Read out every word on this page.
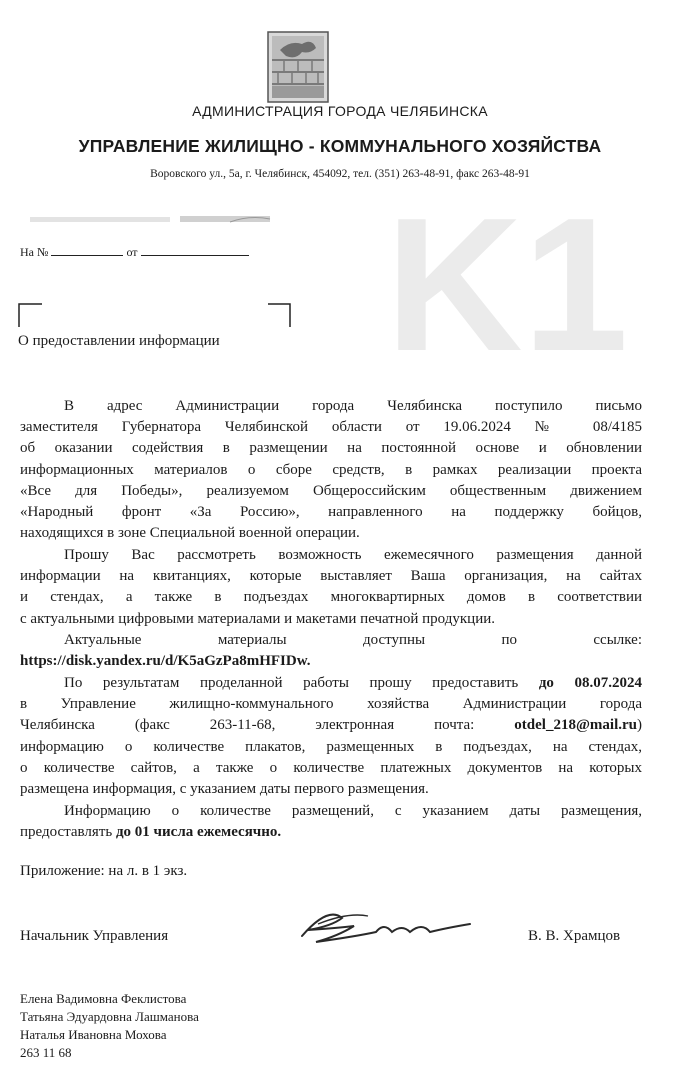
АДМИНИСТРАЦИЯ ГОРОДА ЧЕЛЯБИНСКА
УПРАВЛЕНИЕ ЖИЛИЩНО - КОММУНАЛЬНОГО ХОЗЯЙСТВА
Воровского ул., 5а, г. Челябинск, 454092, тел. (351) 263-48-91, факс 263-48-91
На №	от	K1
О предоставлении информации
В адрес Администрации города Челябинска поступило письмо
заместителя Губернатора Челябинской области от 19.06.2024 № 08/4185
об оказании содействия в размещении на постоянной основе и обновлении
информационных материалов о сборе средств, в рамках реализации проекта
«Все для Победы», реализуемом Общероссийским общественным движением
«Народный фронт «За Россию», направленного на поддержку бойцов,
находящихся в зоне Специальной военной операции.
Прошу Вас рассмотреть возможность ежемесячного размещения данной
информации на квитанциях, которые выставляет Ваша организация, на сайтах
и стендах, а также в подъездах многоквартирных домов в соответствии
с актуальными цифровыми материалами и макетами печатной продукции.
Актуальные материалы доступны по ссылке:
https://disk.yandex.ru/d/K5aGzPa8mHFIDw.
По результатам проделанной работы прошу предоставить до 08.07.2024
в Управление жилищно-коммунального хозяйства Администрации города
Челябинска (факс 263-11-68, электронная почта:	otdel_218@mail.ru)
информацию о количестве плакатов, размещенных в подъездах, на стендах,
о количестве сайтов, а также о количестве платежных документов на которых
размещена информация, с указанием даты первого размещения.
Информацию о количестве размещений, с указанием даты размещения,
предоставлять до 01 числа ежемесячно.
Приложение: на л. в 1 экз.
Начальник Управления	В. В. Храмцов
Елена Вадимовна Феклистова
Татьяна Эдуардовна Лашманова
Наталья Ивановна Мохова
263 11 68
